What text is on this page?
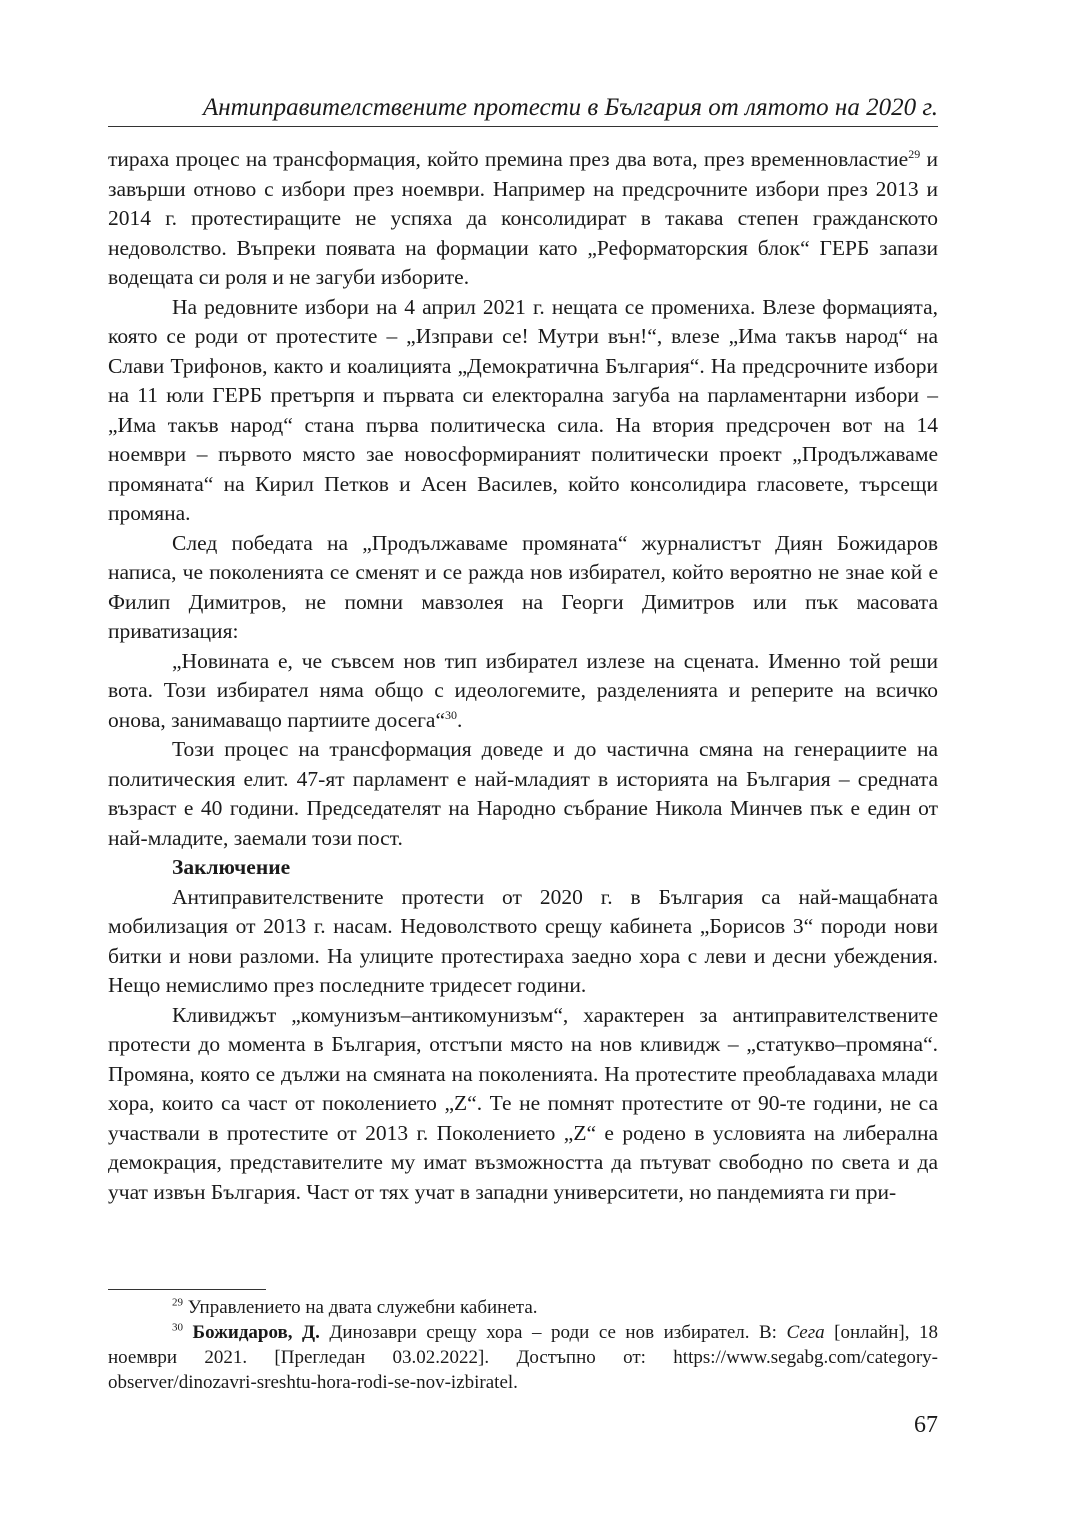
Антиправителствените протести в България от лятото на 2020 г.

тираха процес на трансформация, който премина през два вота, през временновластие$^{29}$ и завърши отново с избори през ноември. Например на предсрочните избори през 2013 и 2014 г. протестиращите не успяха да консолидират в такава степен гражданското недоволство. Въпреки появата на формации като „Реформаторския блок“ ГЕРБ запази водещата си роля и не загуби изборите.

На редовните избори на 4 април 2021 г. нещата се промениха. Влезе формацията, която се роди от протестите – „Изправи се! Мутри вън!“, влезе „Има такъв народ“ на Слави Трифонов, както и коалицията „Демократична България“. На предсрочните избори на 11 юли ГЕРБ претърпя и първата си електорална загуба на парламентарни избори – „Има такъв народ“ стана първа политическа сила. На втория предсрочен вот на 14 ноември – първото място зае новосформираният политически проект „Продължаваме промяната“ на Кирил Петков и Асен Василев, който консолидира гласовете, търсещи промяна.

След победата на „Продължаваме промяната“ журналистът Диян Божидаров написа, че поколенията се сменят и се ражда нов избирател, който вероятно не знае кой е Филип Димитров, не помни мавзолея на Георги Димитров или пък масовата приватизация:

„Новината е, че съвсем нов тип избирател излезе на сцената. Именно той реши вота. Този избирател няма общо с идеологемите, разделенията и реперите на всичко онова, занимаващо партиите досега“$^{30}$.

Този процес на трансформация доведе и до частична смяна на генерациите на политическия елит. 47-ят парламент е най-младият в историята на България – средната възраст е 40 години. Председателят на Народно събрание Никола Минчев пък е един от най-младите, заемали този пост.

Заключение

Антиправителствените протести от 2020 г. в България са най-мащабната мобилизация от 2013 г. насам. Недоволството срещу кабинета „Борисов 3“ породи нови битки и нови разломи. На улиците протестираха заедно хора с леви и десни убеждения. Нещо немислимо през последните тридесет години.

Кливиджът „комунизъм–антикомунизъм“, характерен за антиправителствените протести до момента в България, отстъпи място на нов кливидж – „статукво–промяна“. Промяна, която се дължи на смяната на поколенията. На протестите преобладаваха млади хора, които са част от поколението „Z“. Те не помнят протестите от 90-те години, не са участвали в протестите от 2013 г. Поколението „Z“ е родено в условията на либерална демокрация, представителите му имат възможността да пътуват свободно по света и да учат извън България. Част от тях учат в западни университети, но пандемията ги при-

$^{29}$ Управлението на двата служебни кабинета.

$^{30}$ Божидаров, Д. Динозаври срещу хора – роди се нов избирател. В: Сега [онлайн], 18 ноември 2021. [Прегледан 03.02.2022]. Достъпно от: https://www.segabg.com/category-observer/dinozavri-sreshtu-hora-rodi-se-nov-izbiratel.

67
